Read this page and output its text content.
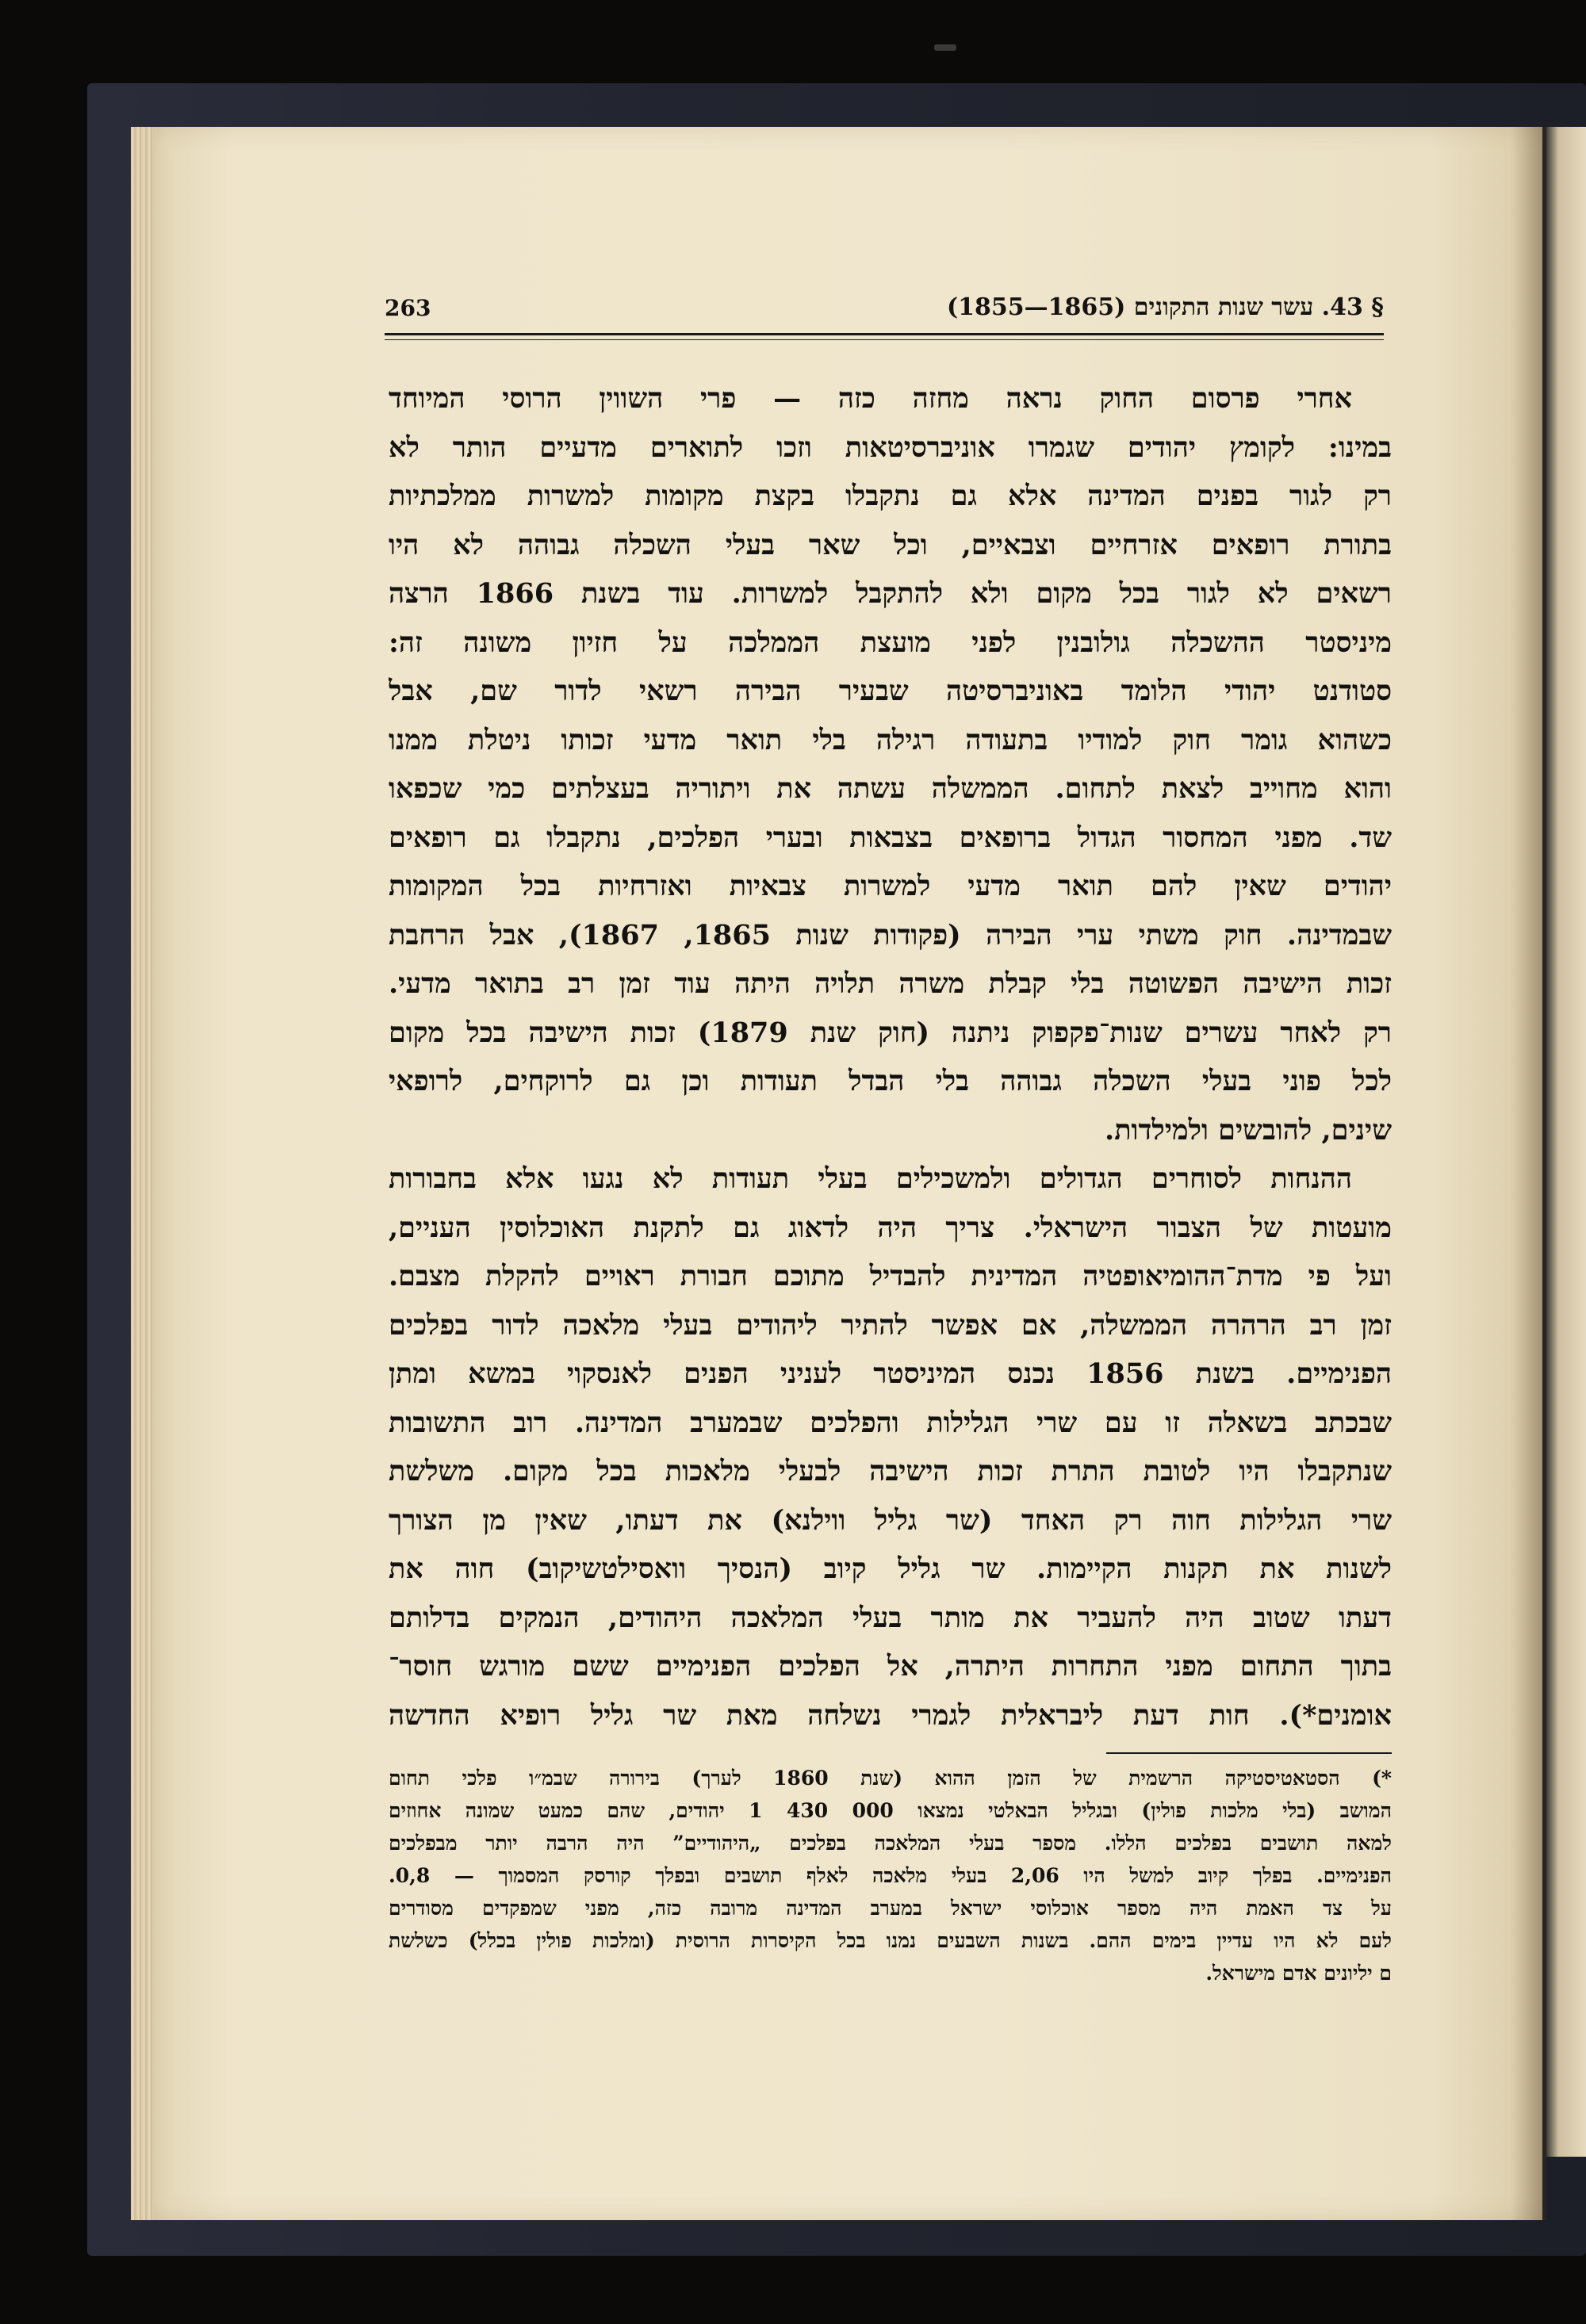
263	§ 43. עשר שנות התקונים (1865—1855)
אחרי פרסום החוק נראה מחזה כזה — פרי השווין הרוסי המיוחד
במינו: לקומץ יהודים שגמרו אוניברסיטאות וזכו לתוארים מדעיים הותר לא
רק לגור בפנים המדינה אלא גם נתקבלו בקצת מקומות למשרות ממלכתיות
בתורת רופאים אזרחיים וצבאיים, וכל שאר בעלי השכלה גבוהה לא היו
רשאים לא לגור בכל מקום ולא להתקבל למשרות. עוד בשנת 1866 הרצה
מיניסטר ההשכלה גולובנין לפני מועצת הממלכה על חזיון משונה זה:
סטודנט יהודי הלומד באוניברסיטה שבעיר הבירה רשאי לדור שם, אבל
כשהוא גומר חוק למודיו בתעודה רגילה בלי תואר מדעי זכותו ניטלת ממנו
והוא מחוייב לצאת לתחום. הממשלה עשתה את ויתוריה בעצלתים כמי שכפאו
שד. מפני המחסור הגדול ברופאים בצבאות ובערי הפלכים, נתקבלו גם רופאים
יהודים שאין להם תואר מדעי למשרות צבאיות ואזרחיות בכל המקומות
שבמדינה. חוק משתי ערי הבירה (פקודות שנות 1865, 1867), אבל הרחבת
זכות הישיבה הפשוטה בלי קבלת משרה תלויה היתה עוד זמן רב בתואר מדעי.
רק לאחר עשרים שנות־פקפוק ניתנה (חוק שנת 1879) זכות הישיבה בכל מקום
לכל פוני בעלי השכלה גבוהה בלי הבדל תעודות וכן גם לרוקחים, לרופאי
שינים, להובשים ולמילדות.
ההנחות לסוחרים הגדולים ולמשכילים בעלי תעודות לא נגעו אלא בחבורות
מועטות של הצבור הישראלי. צריך היה לדאוג גם לתקנת האוכלוסין העניים,
ועל פי מדת־ההומיאופטיה המדינית להבדיל מתוכם חבורת ראויים להקלת מצבם.
זמן רב הרהרה הממשלה, אם אפשר להתיר ליהודים בעלי מלאכה לדור בפלכים
הפנימיים. בשנת 1856 נכנס המיניסטר לעניני הפנים לאנסקוי במשא ומתן
שבכתב בשאלה זו עם שרי הגלילות והפלכים שבמערב המדינה. רוב התשובות
שנתקבלו היו לטובת התרת זכות הישיבה לבעלי מלאכות בכל מקום. משלשת
שרי הגלילות חוה רק האחד (שר גליל ווילנא) את דעתו, שאין מן הצורך
לשנות את תקנות הקיימות. שר גליל קיוב (הנסיך וואסילטשיקוב) חוה את
דעתו שטוב היה להעביר את מותר בעלי המלאכה היהודים, הנמקים בדלותם
בתוך התחום מפני התחרות היתרה, אל הפלכים הפנימיים ששם מורגש חוסר־
אומנים*). חות דעת ליבראלית לגמרי נשלחה מאת שר גליל רופיא החדשה
*) הסטאטיסטיקה הרשמית של הזמן ההוא (שנת 1860 לערך) בירורה שבמ״ו פלכי תחום
המושב (בלי מלכות פולין) ובגליל הבאלטי נמצאו 000 430 1 יהודים, שהם כמעט שמונה אחוזים
למאה תושבים בפלכים הללו. מספר בעלי המלאכה בפלכים „היהודיים” היה הרבה יותר מבפלכים
הפנימיים. בפלך קיוב למשל היו 2,06 בעלי מלאכה לאלף תושבים ובפלך קורסק המסמוך — 0,8.
על צד האמת היה מספר אוכלוסי ישראל במערב המדינה מרובה כזה, מפני שמפקדים מסודרים
לעם לא היו עדיין בימים ההם. בשנות השבעים נמנו בכל הקיסרות הרוסית (ומלכות פולין בכלל) כשלשת
ם יליונים אדם מישראל.
